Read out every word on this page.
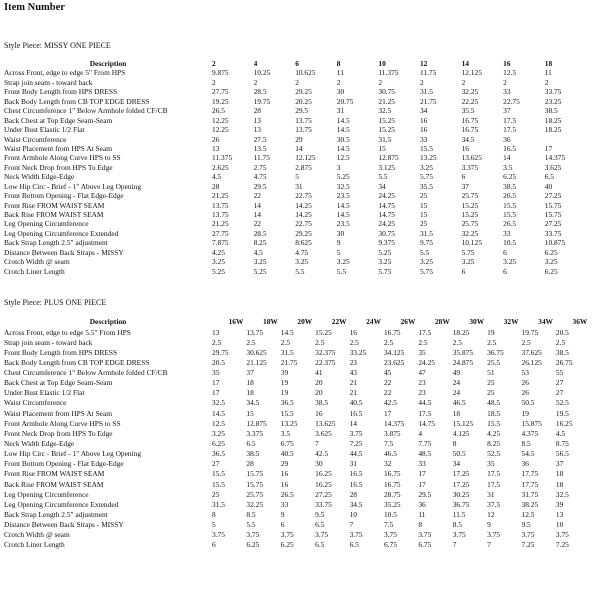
Item Number

Style Piece: MISSY ONE PIECE

Description	2	4	6	8	10	12	14	16	18
Across Front, edge to edge 5" From HPS	9.875	10.25	10.625	11	11.375	11.75	12.125	12.5	11
Strap join seam - toward back	2	2	2	2	2	2	2	2	2
Front Body Length from HPS DRESS	27.75	28.5	29.25	30	30.75	31.5	32.25	33	33.75
Back Body Length from CB TOP EDGE DRESS	19.25	19.75	20.25	20.75	21.25	21.75	22.25	22.75	23.25
Chest Circumference 1" Below Armhole folded CF/CB	26.5	28	29.5	31	32.5	34	35.5	37	38.5
Back Chest at Top Edge Seam-Seam	12.25	13	13.75	14.5	15.25	16	16.75	17.5	18.25
Under Bust Elastic 1/2 Flat	12.25	13	13.75	14.5	15.25	16	16.75	17.5	18.25
Waist Circumference	26	27.5	29	30.5	31.5	33	34.5	36	
Waist Placement from HPS At Seam	13	13.5	14	14.5	15	15.5	16	16.5	17
Front Armhole Along Curve HPS to SS	11.375	11.75	12.125	12.5	12.875	13.25	13.625	14	14.375
Front Neck Drop from HPS To Edge	2.625	2.75	2.875	3	3.125	3.25	3.375	3.5	3.625
Neck Width Edge-Edge	4.5	4.75	5	5.25	5.5	5.75	6	6.25	6.5
Low Hip Circ - Brief - 1" Above Leg Opening	28	29.5	31	32.5	34	35.5	37	38.5	40
Front Bottom Opening - Flat Edge-Edge	21.25	22	22.75	23.5	24.25	25	25.75	26.5	27.25
Front Rise FROM WAIST SEAM	13.75	14	14.25	14.5	14.75	15	15.25	15.5	15.75
Back Rise FROM WAIST SEAM	13.75	14	14.25	14.5	14.75	15	15.25	15.5	15.75
Leg Opening Circumference	21.25	22	22.75	23.5	24.25	25	25.75	26.5	27.25
Leg Opening Circumference Extended	27.75	28.5	29.25	30	30.75	31.5	32.25	33	33.75
Back Strap Length 2.5" adjustment	7.875	8.25	8.625	9	9.375	9.75	10.125	10.5	10.875
Distance Between Back Straps - MISSY	4.25	4.5	4.75	5	5.25	5.5	5.75	6	6.25
Crotch Width @ seam	3.25	3.25	3.25	3.25	3.25	3.25	3.25	3.25	3.25
Crotch Liner Length	5.25	5.25	5.5	5.5	5.75	5.75	6	6	6.25

Style Piece: PLUS ONE PIECE

Description	16W	18W	20W	22W	24W	26W	28W	30W	32W	34W	36W
Across Front, edge to edge 5.5" From HPS	13	13.75	14.5	15.25	16	16.75	17.5	18.25	19	19.75	20.5
Strap join seam - toward back	2.5	2.5	2.5	2.5	2.5	2.5	2.5	2.5	2.5	2.5	2.5
Front Body Length from HPS DRESS	29.75	30.625	31.5	32.375	33.25	34.125	35	35.875	36.75	37.625	38.5
Back Body Length from CB TOP EDGE DRESS	20.5	21.125	21.75	22.375	23	23.625	24.25	24.875	25.5	26.125	26.75
Chest Circumference 1" Below Armhole folded CF/CB	35	37	39	41	43	45	47	49	51	53	55
Back Chest at Top Edge Seam-Seam	17	18	19	20	21	22	23	24	25	26	27
Under Bust Elastic 1/2 Flat	17	18	19	20	21	22	23	24	25	26	27
Waist Circumference	32.5	34.5	36.5	38.5	40.5	42.5	44.5	46.5	48.5	50.5	52.5
Waist Placement from HPS At Seam	14.5	15	15.5	16	16.5	17	17.5	18	18.5	19	19.5
Front Armhole Along Curve HPS to SS	12.5	12.875	13.25	13.625	14	14.375	14.75	15.125	15.5	15.875	16.25
Front Neck Drop from HPS To Edge	3.25	3.375	3.5	3.625	3.75	3.875	4	4.125	4.25	4.375	4.5
Neck Width Edge-Edge	6.25	6.5	6.75	7	7.25	7.5	7.75	8	8.25	8.5	8.75
Low Hip Circ - Brief - 1" Above Leg Opening	36.5	38.5	40.5	42.5	44.5	46.5	48.5	50.5	52.5	54.5	56.5
Front Bottom Opening - Flat Edge-Edge	27	28	29	30	31	32	33	34	35	36	37
Front Rise FROM WAIST SEAM	15.5	15.75	16	16.25	16.5	16.75	17	17.25	17.5	17.75	18
Back Rise FROM WAIST SEAM	15.5	15.75	16	16.25	16.5	16.75	17	17.25	17.5	17.75	18
Leg Opening Circumference	25	25.75	26.5	27.25	28	28.75	29.5	30.25	31	31.75	32.5
Leg Opening Circumference Extended	31.5	32.25	33	33.75	34.5	35.25	36	36.75	37.5	38.25	39
Back Strap Length 2.5" adjustment	8	8.5	9	9.5	10	10.5	11	11.5	12	12.5	13
Distance Between Back Straps - MISSY	5	5.5	6	6.5	7	7.5	8	8.5	9	9.5	10
Crotch Width @ seam	3.75	3.75	3.75	3.75	3.75	3.75	3.75	3.75	3.75	3.75	3.75
Crotch Liner Length	6	6.25	6.25	6.5	6.5	6.75	6.75	7	7	7.25	7.25
